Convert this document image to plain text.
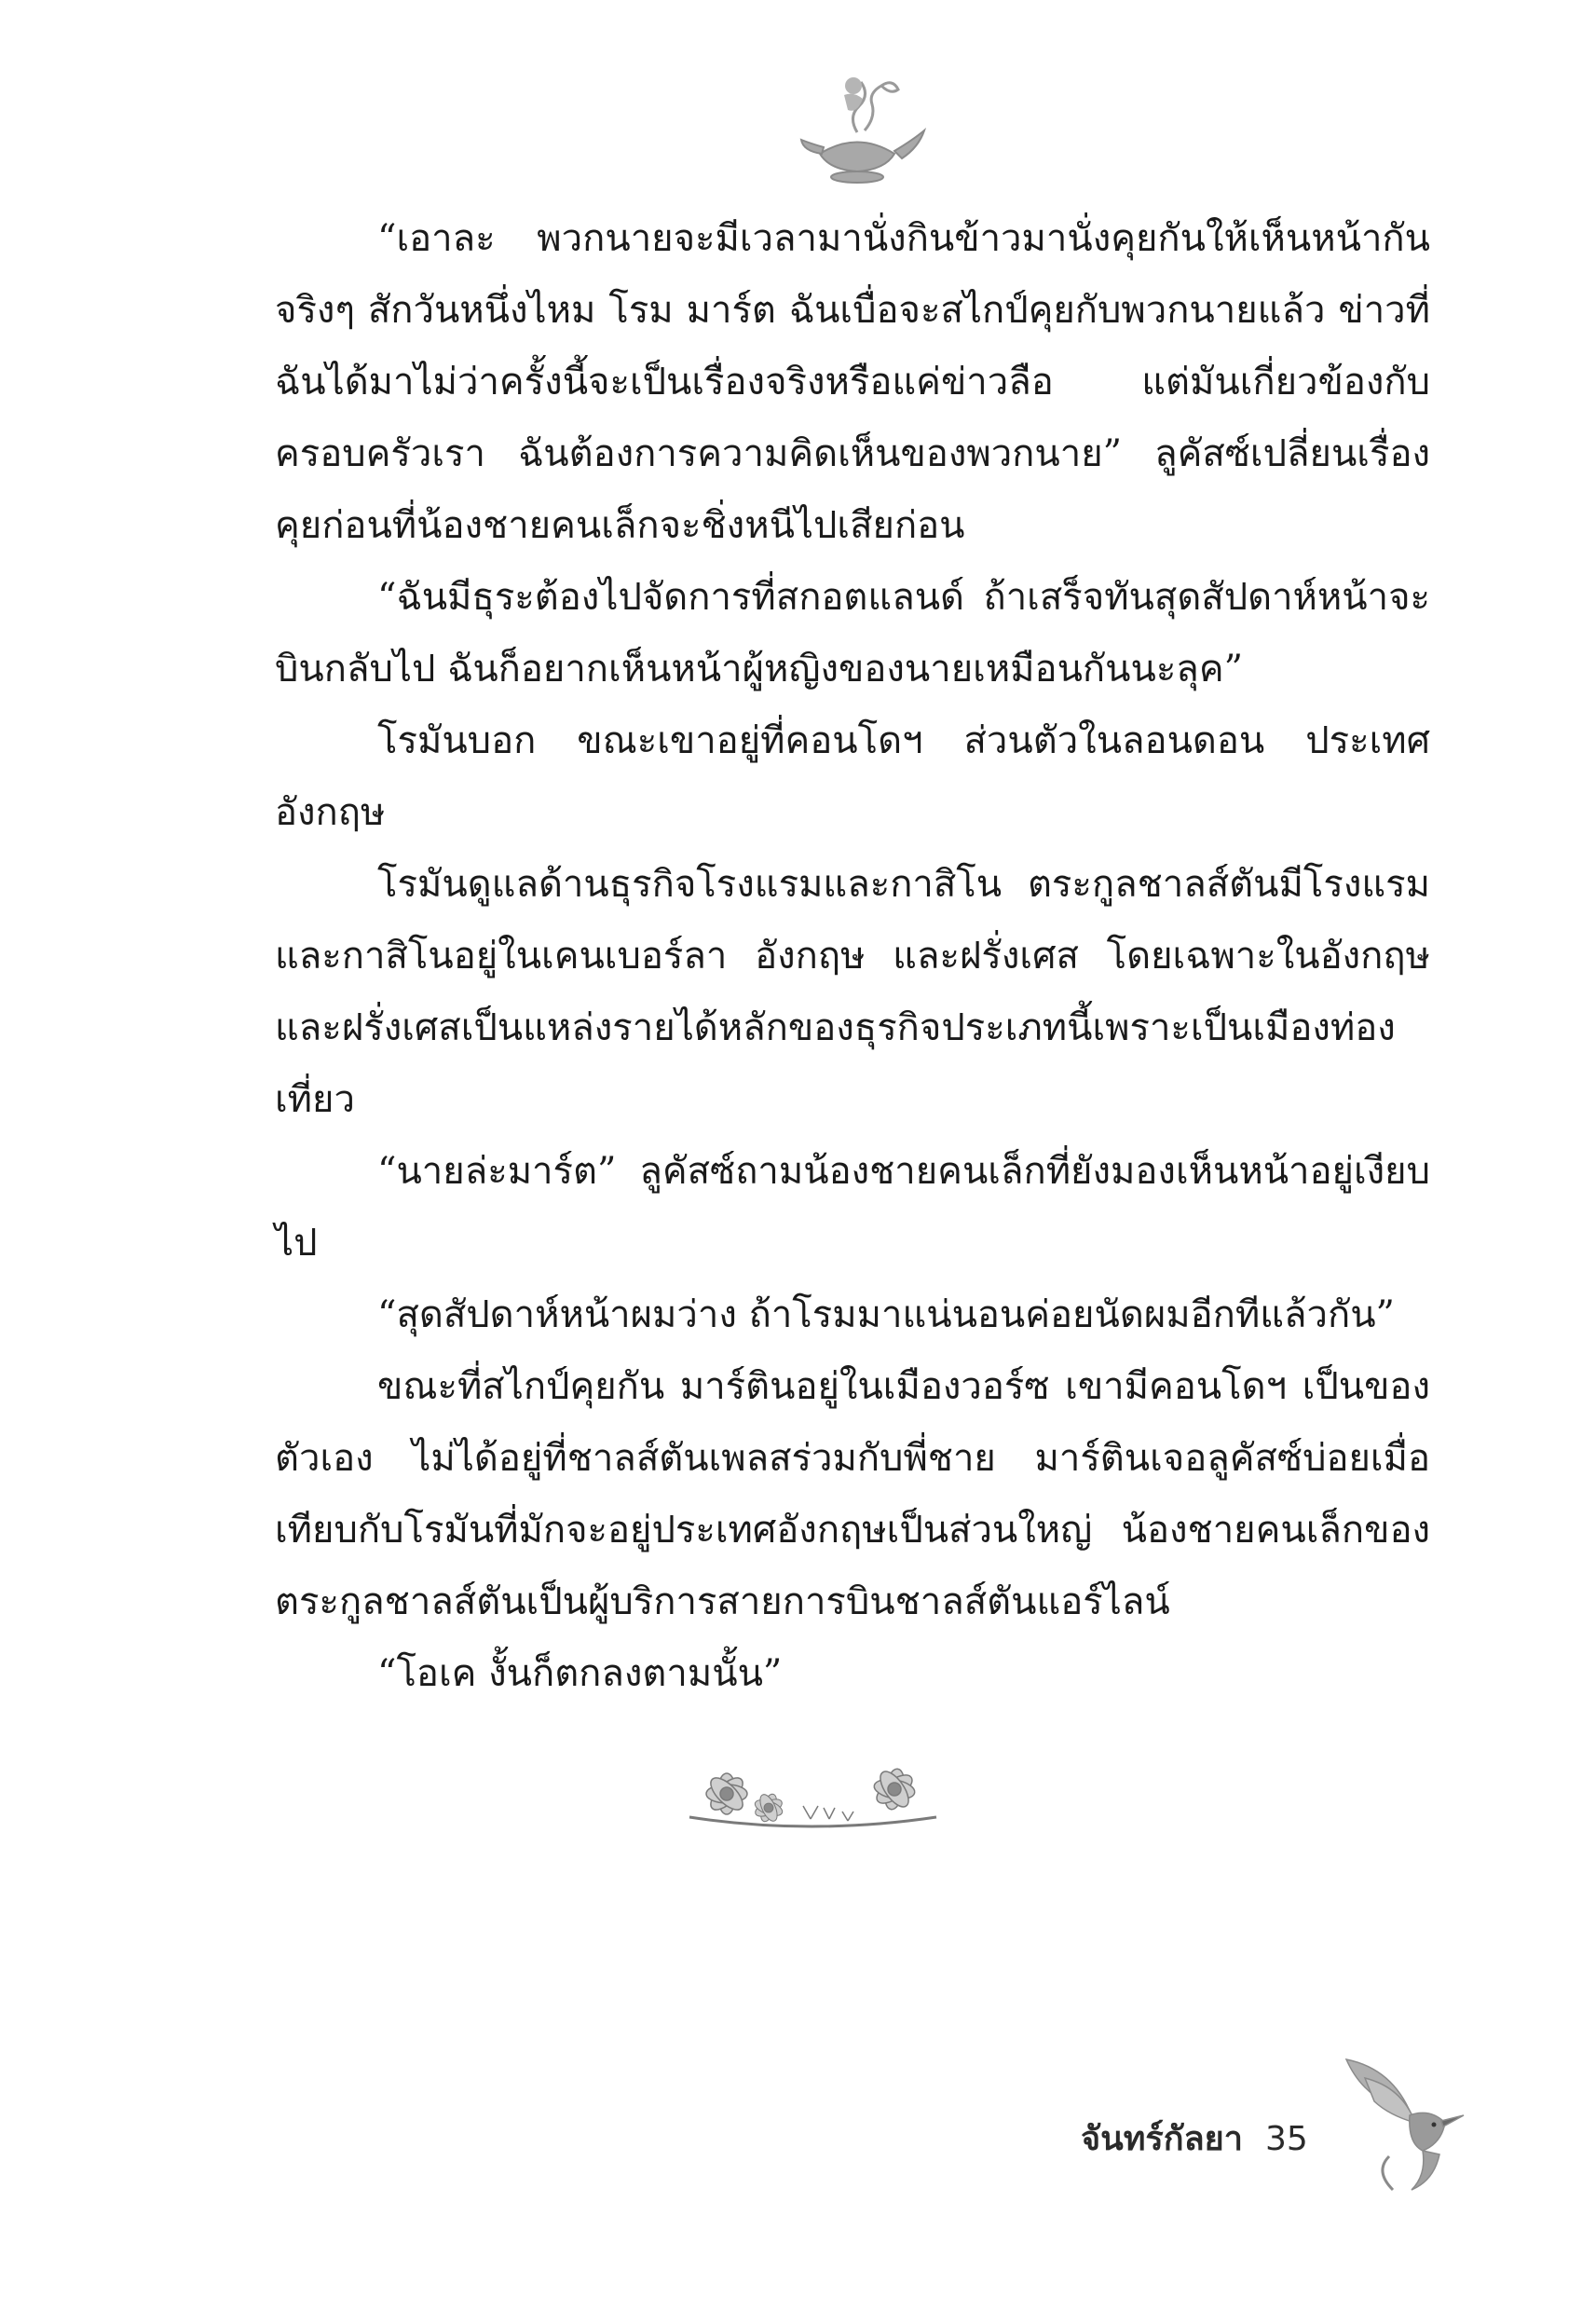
“เอาละ พวกนายจะมีเวลามานั่งกินข้าวมานั่งคุยกันให้เห็นหน้ากันจริงๆ สักวันหนึ่งไหม โรม มาร์ต ฉันเบื่อจะสไกป์คุยกับพวกนายแล้ว ข่าวที่ฉันได้มาไม่ว่าครั้งนี้จะเป็นเรื่องจริงหรือแค่ข่าวลือ แต่มันเกี่ยวข้องกับครอบครัวเรา ฉันต้องการความคิดเห็นของพวกนาย” ลูคัสซ์เปลี่ยนเรื่องคุยก่อนที่น้องชายคนเล็กจะชิ่งหนีไปเสียก่อน

“ฉันมีธุระต้องไปจัดการที่สกอตแลนด์ ถ้าเสร็จทันสุดสัปดาห์หน้าจะบินกลับไป ฉันก็อยากเห็นหน้าผู้หญิงของนายเหมือนกันนะลุค”

โรมันบอก ขณะเขาอยู่ที่คอนโดฯ ส่วนตัวในลอนดอน ประเทศอังกฤษ

โรมันดูแลด้านธุรกิจโรงแรมและกาสิโน ตระกูลชาลส์ตันมีโรงแรมและกาสิโนอยู่ในเคนเบอร์ลา อังกฤษ และฝรั่งเศส โดยเฉพาะในอังกฤษและฝรั่งเศสเป็นแหล่งรายได้หลักของธุรกิจประเภทนี้เพราะเป็นเมืองท่องเที่ยว

“นายล่ะมาร์ต” ลูคัสซ์ถามน้องชายคนเล็กที่ยังมองเห็นหน้าอยู่เงียบไป

“สุดสัปดาห์หน้าผมว่าง ถ้าโรมมาแน่นอนค่อยนัดผมอีกทีแล้วกัน”

ขณะที่สไกป์คุยกัน มาร์ตินอยู่ในเมืองวอร์ซ เขามีคอนโดฯ เป็นของตัวเอง ไม่ได้อยู่ที่ชาลส์ตันเพลสร่วมกับพี่ชาย มาร์ตินเจอลูคัสซ์บ่อยเมื่อเทียบกับโรมันที่มักจะอยู่ประเทศอังกฤษเป็นส่วนใหญ่ น้องชายคนเล็กของตระกูลชาลส์ตันเป็นผู้บริการสายการบินชาลส์ตันแอร์ไลน์

“โอเค งั้นก็ตกลงตามนั้น”

จันทร์กัลยา 35
